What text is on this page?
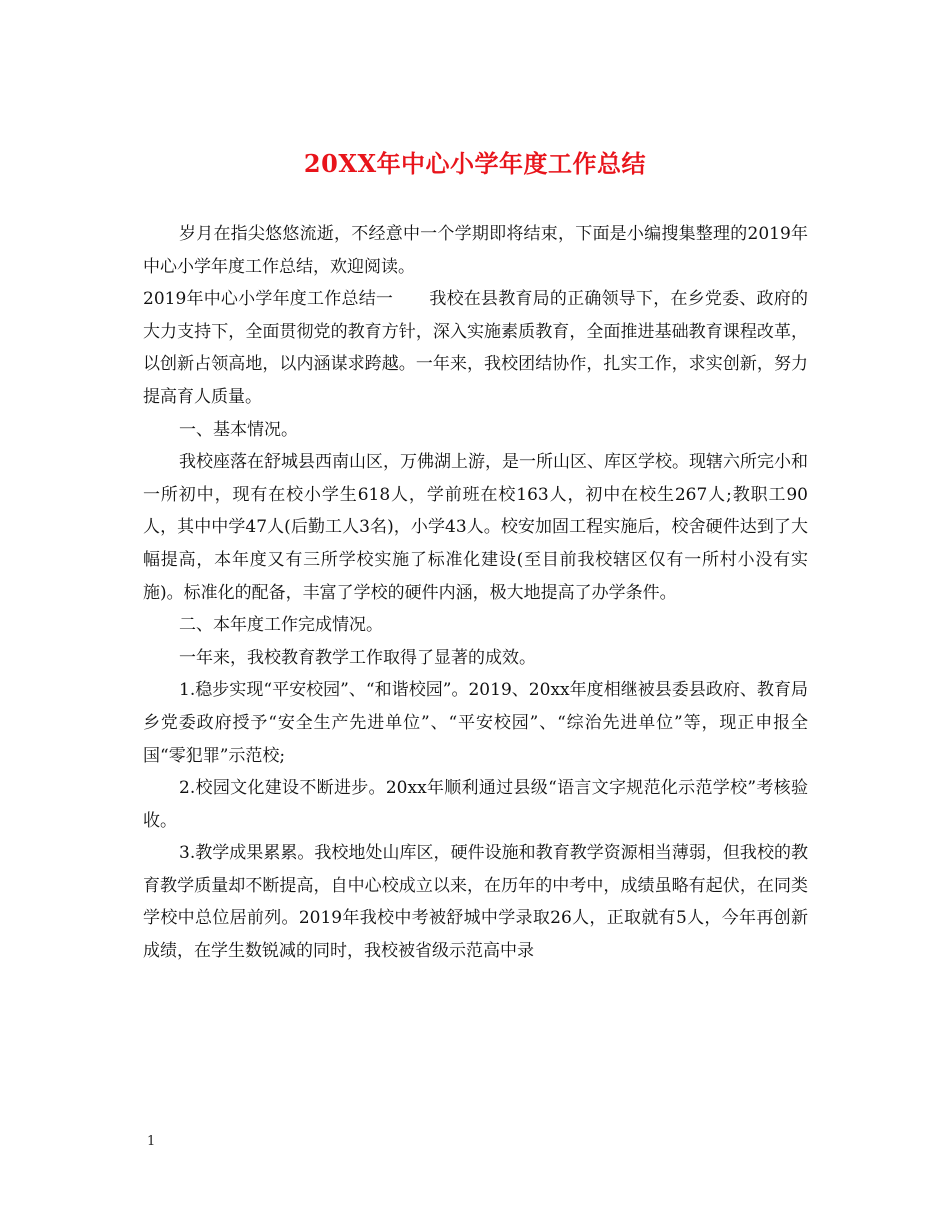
20XX年中心小学年度工作总结

岁月在指尖悠悠流逝，不经意中一个学期即将结束，下面是小编搜集整理的2019年中心小学年度工作总结，欢迎阅读。

2019年中心小学年度工作总结一 我校在县教育局的正确领导下，在乡党委、政府的大力支持下，全面贯彻党的教育方针，深入实施素质教育，全面推进基础教育课程改革，以创新占领高地，以内涵谋求跨越。一年来，我校团结协作，扎实工作，求实创新，努力提高育人质量。

一、基本情况。

我校座落在舒城县西南山区，万佛湖上游，是一所山区、库区学校。现辖六所完小和一所初中，现有在校小学生618人，学前班在校163人，初中在校生267人;教职工90人，其中中学47人(后勤工人3名)，小学43人。校安加固工程实施后，校舍硬件达到了大幅提高，本年度又有三所学校实施了标准化建设(至目前我校辖区仅有一所村小没有实施)。标准化的配备，丰富了学校的硬件内涵，极大地提高了办学条件。

二、本年度工作完成情况。

一年来，我校教育教学工作取得了显著的成效。

1.稳步实现“平安校园”、“和谐校园”。2019、20xx年度相继被县委县政府、教育局乡党委政府授予“安全生产先进单位”、“平安校园”、“综治先进单位”等，现正申报全国“零犯罪”示范校;

2.校园文化建设不断进步。20xx年顺利通过县级“语言文字规范化示范学校”考核验收。

3.教学成果累累。我校地处山库区，硬件设施和教育教学资源相当薄弱，但我校的教育教学质量却不断提高，自中心校成立以来，在历年的中考中，成绩虽略有起伏，在同类学校中总位居前列。2019年我校中考被舒城中学录取26人，正取就有5人，今年再创新成绩，在学生数锐减的同时，我校被省级示范高中录

1
